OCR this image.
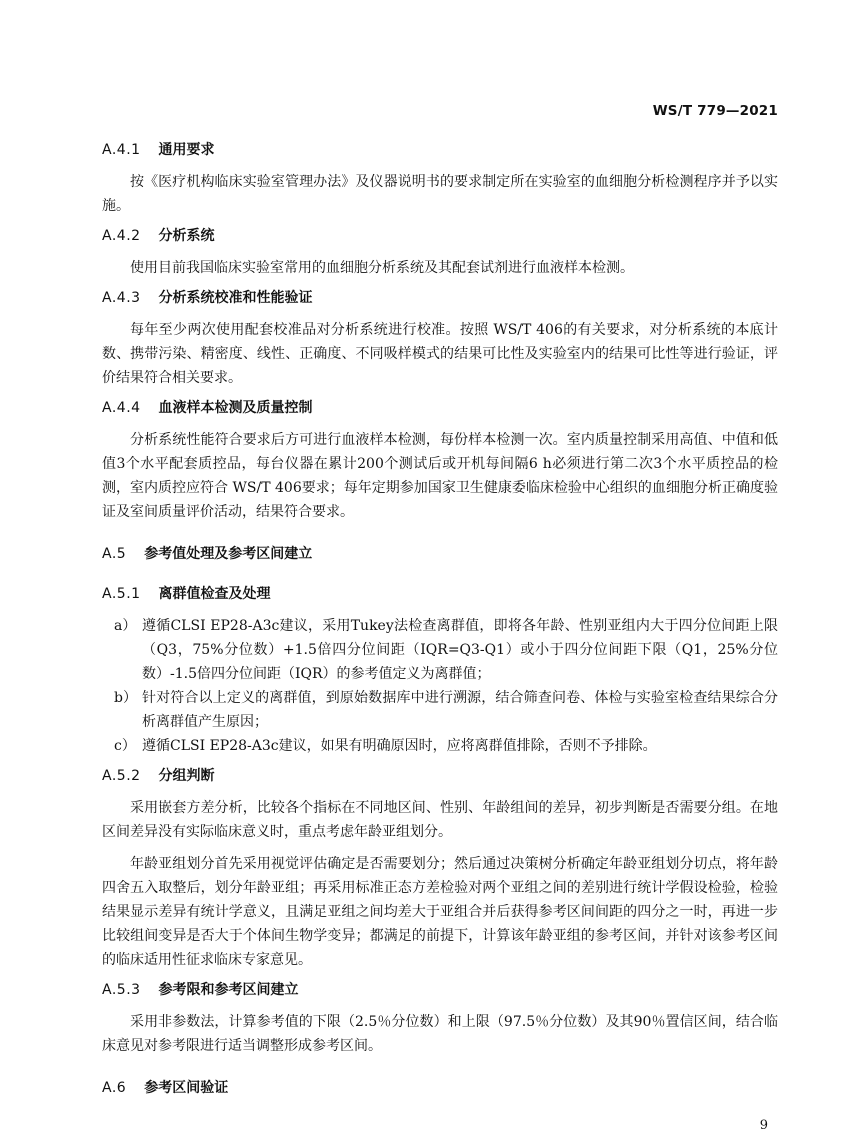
WS/T 779—2021
A.4.1 通用要求

按《医疗机构临床实验室管理办法》及仪器说明书的要求制定所在实验室的血细胞分析检测程序并予以实施。

A.4.2 分析系统

使用目前我国临床实验室常用的血细胞分析系统及其配套试剂进行血液样本检测。

A.4.3 分析系统校准和性能验证

每年至少两次使用配套校准品对分析系统进行校准。按照 WS/T 406的有关要求，对分析系统的本底计数、携带污染、精密度、线性、正确度、不同吸样模式的结果可比性及实验室内的结果可比性等进行验证，评价结果符合相关要求。

A.4.4 血液样本检测及质量控制

分析系统性能符合要求后方可进行血液样本检测，每份样本检测一次。室内质量控制采用高值、中值和低值3个水平配套质控品，每台仪器在累计200个测试后或开机每间隔6 h必须进行第二次3个水平质控品的检测，室内质控应符合 WS/T 406要求；每年定期参加国家卫生健康委临床检验中心组织的血细胞分析正确度验证及室间质量评价活动，结果符合要求。

A.5 参考值处理及参考区间建立
A.5.1 离群值检查及处理
a） 遵循CLSI EP28-A3c建议，采用Tukey法检查离群值，即将各年龄、性别亚组内大于四分位间距上限（Q3，75%分位数）+1.5倍四分位间距（IQR=Q3-Q1）或小于四分位间距下限（Q1，25%分位数）-1.5倍四分位间距（IQR）的参考值定义为离群值；
b） 针对符合以上定义的离群值，到原始数据库中进行溯源，结合筛查问卷、体检与实验室检查结果综合分析离群值产生原因；
c） 遵循CLSI EP28-A3c建议，如果有明确原因时，应将离群值排除，否则不予排除。
A.5.2 分组判断

采用嵌套方差分析，比较各个指标在不同地区间、性别、年龄组间的差异，初步判断是否需要分组。在地区间差异没有实际临床意义时，重点考虑年龄亚组划分。

年龄亚组划分首先采用视觉评估确定是否需要划分；然后通过决策树分析确定年龄亚组划分切点，将年龄四舍五入取整后，划分年龄亚组；再采用标准正态方差检验对两个亚组之间的差别进行统计学假设检验，检验结果显示差异有统计学意义，且满足亚组之间均差大于亚组合并后获得参考区间间距的四分之一时，再进一步比较组间变异是否大于个体间生物学变异；都满足的前提下，计算该年龄亚组的参考区间，并针对该参考区间的临床适用性征求临床专家意见。

A.5.3 参考限和参考区间建立

采用非参数法，计算参考值的下限（2.5％分位数）和上限（97.5％分位数）及其90％置信区间，结合临床意见对参考限进行适当调整形成参考区间。

A.6 参考区间验证
9
